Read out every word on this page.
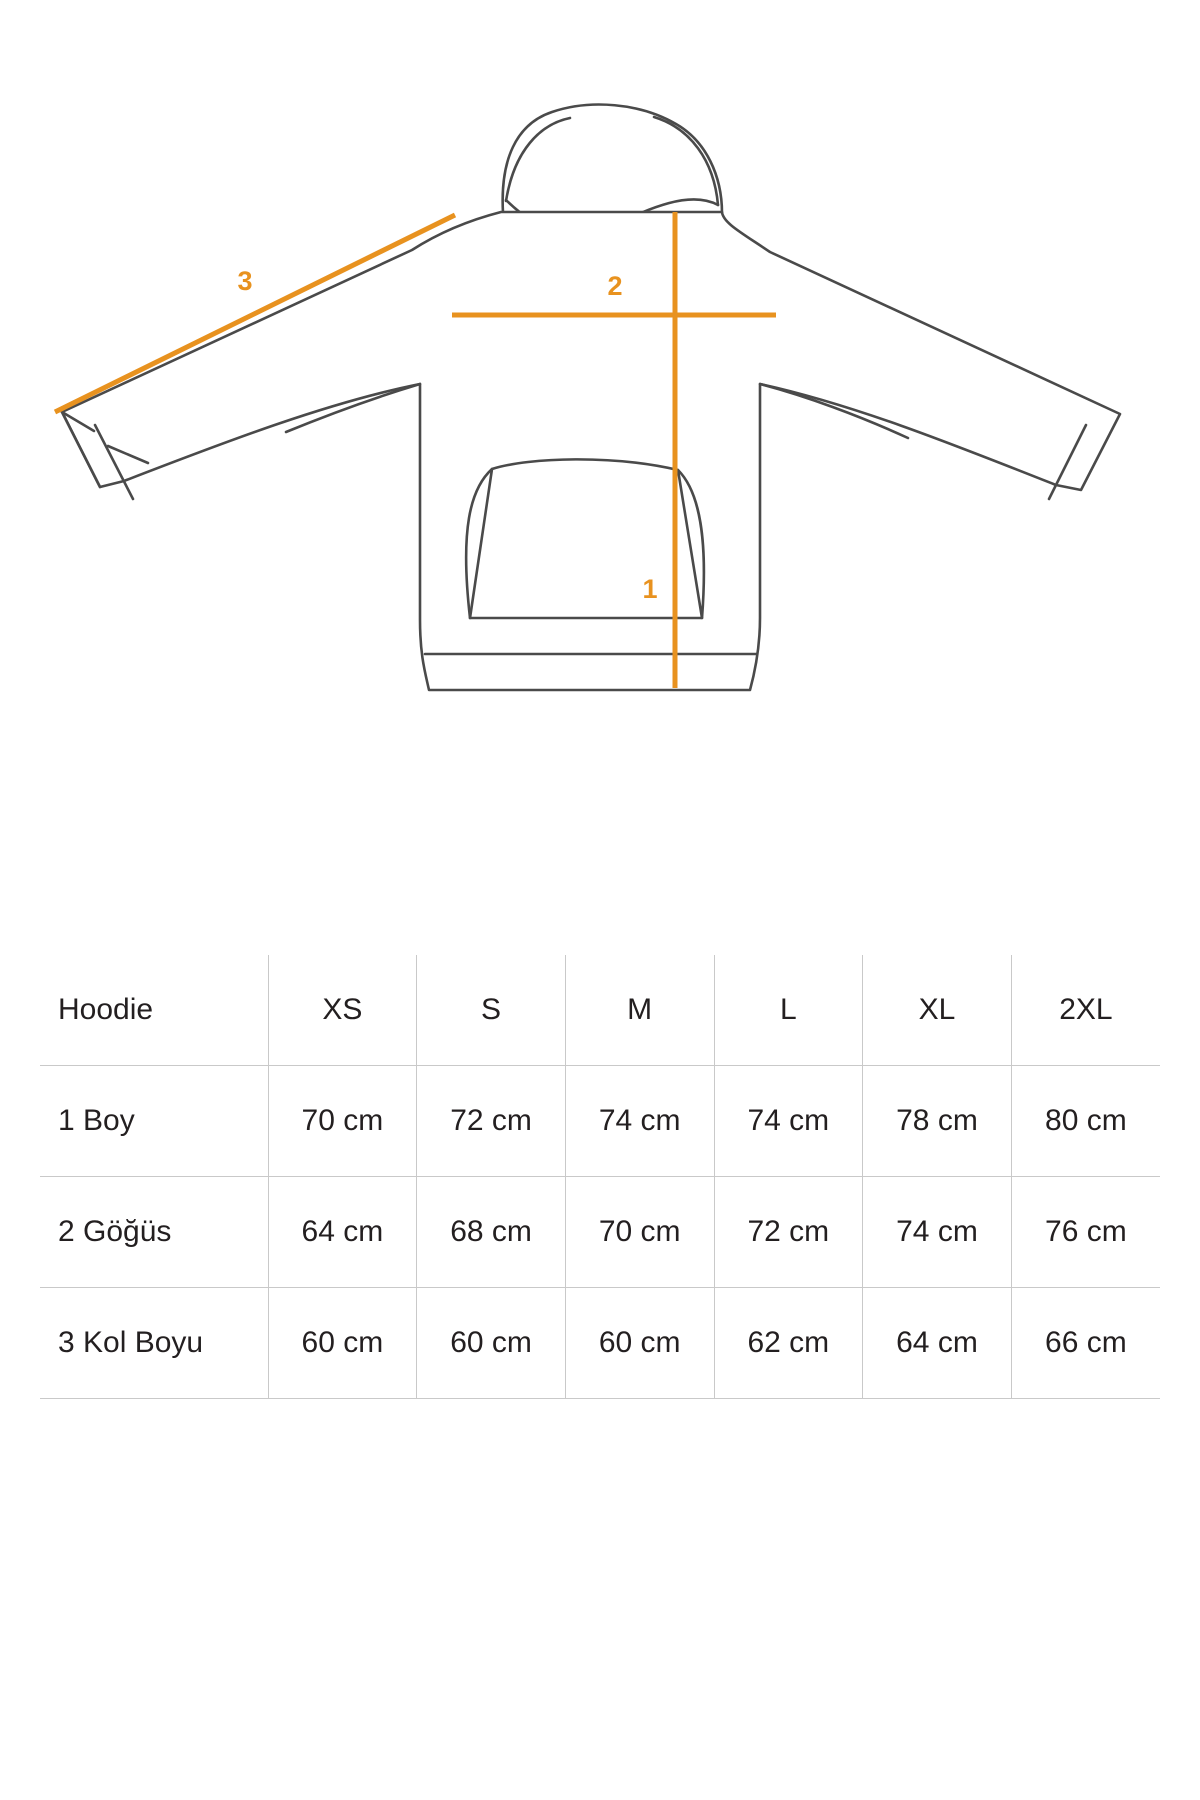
1
2
3
Hoodie	XS	S	M	L	XL	2XL
1 Boy	70 cm	72 cm	74 cm	74 cm	78 cm	80 cm
2 Göğüs	64 cm	68 cm	70 cm	72 cm	74 cm	76 cm
3 Kol Boyu	60 cm	60 cm	60 cm	62 cm	64 cm	66 cm
